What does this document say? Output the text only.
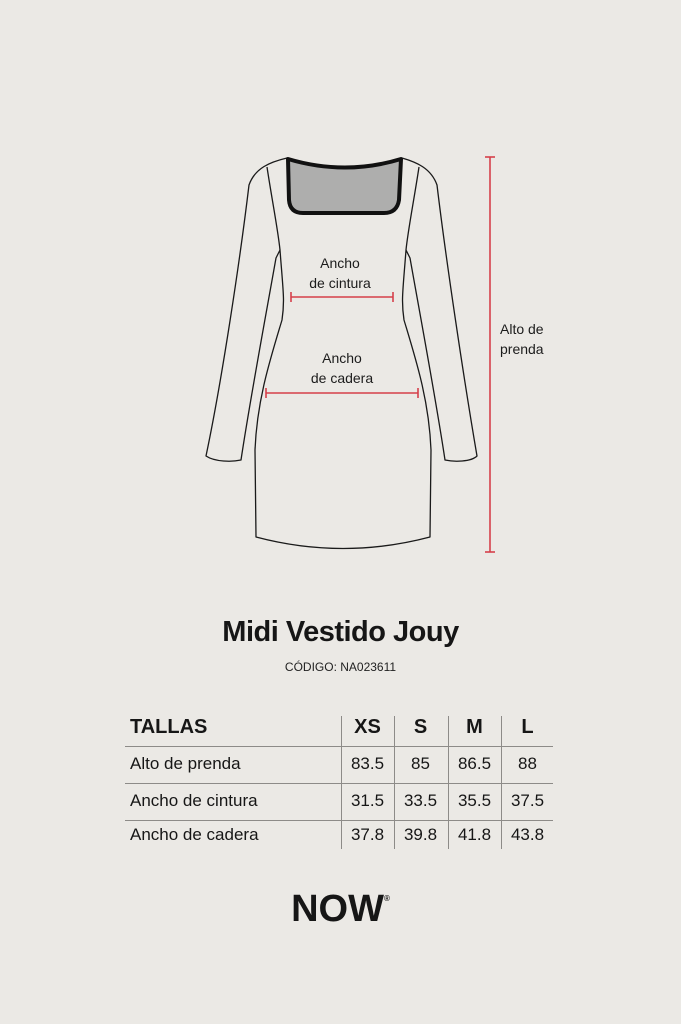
Ancho
de cintura
Ancho
de cadera
Alto de
prenda
Midi Vestido Jouy
CÓDIGO: NA023611
TALLAS	XS	S	M	L
Alto de prenda	83.5	85	86.5	88
Ancho de cintura	31.5	33.5	35.5	37.5
Ancho de cadera	37.8	39.8	41.8	43.8
NOW®
